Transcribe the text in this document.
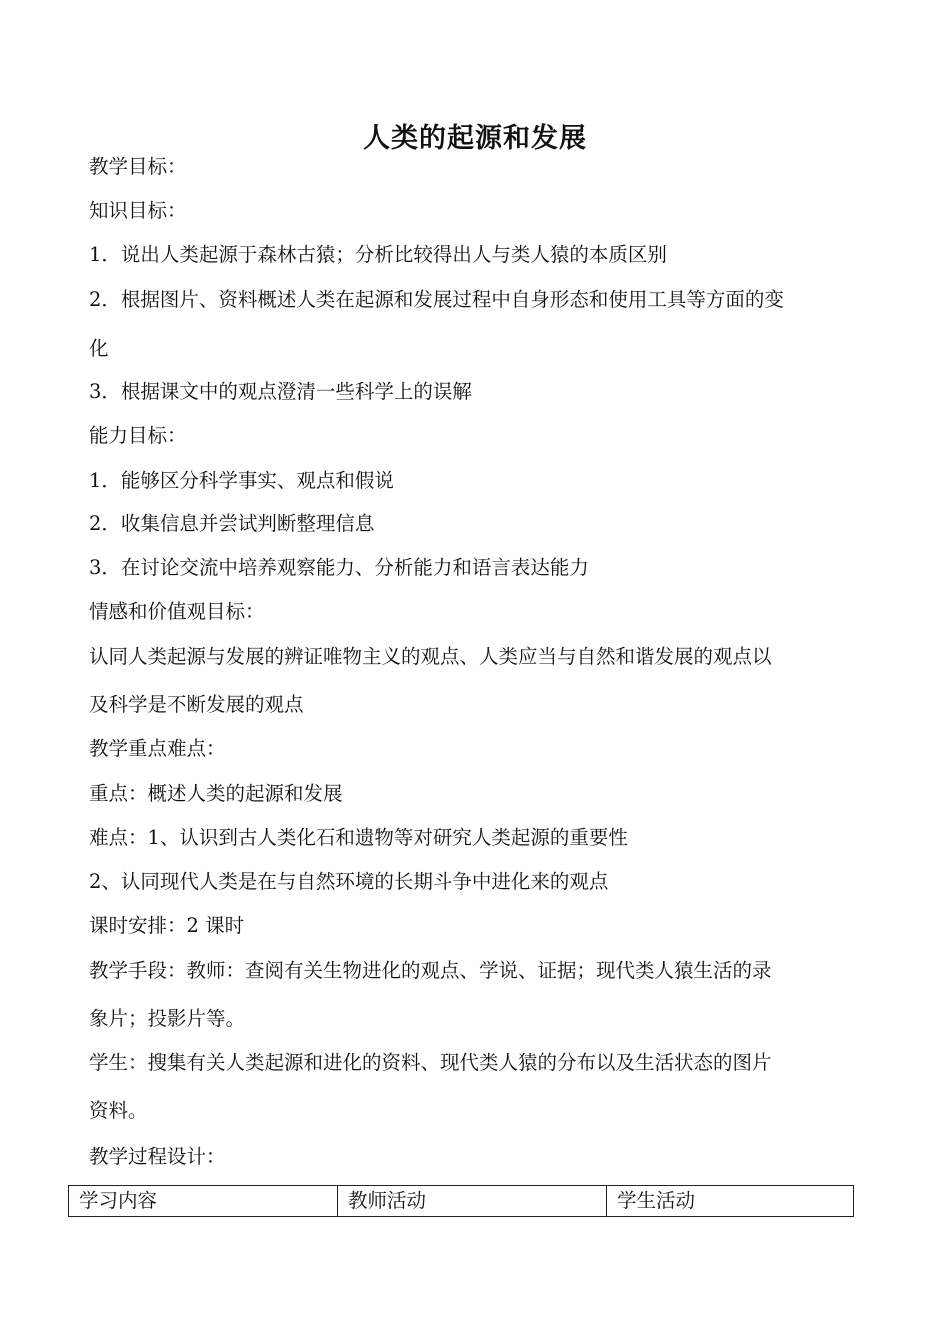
人类的起源和发展
教学目标：
知识目标：
1．说出人类起源于森林古猿；分析比较得出人与类人猿的本质区别
2．根据图片、资料概述人类在起源和发展过程中自身形态和使用工具等方面的变
化
3．根据课文中的观点澄清一些科学上的误解
能力目标：
1．能够区分科学事实、观点和假说
2．收集信息并尝试判断整理信息
3．在讨论交流中培养观察能力、分析能力和语言表达能力
情感和价值观目标：
认同人类起源与发展的辨证唯物主义的观点、人类应当与自然和谐发展的观点以
及科学是不断发展的观点
教学重点难点：
重点：概述人类的起源和发展
难点：1、认识到古人类化石和遗物等对研究人类起源的重要性
2、认同现代人类是在与自然环境的长期斗争中进化来的观点
课时安排：2 课时
教学手段：教师：查阅有关生物进化的观点、学说、证据；现代类人猿生活的录
象片；投影片等。
学生：搜集有关人类起源和进化的资料、现代类人猿的分布以及生活状态的图片
资料。
教学过程设计：
学习内容	教师活动	学生活动
